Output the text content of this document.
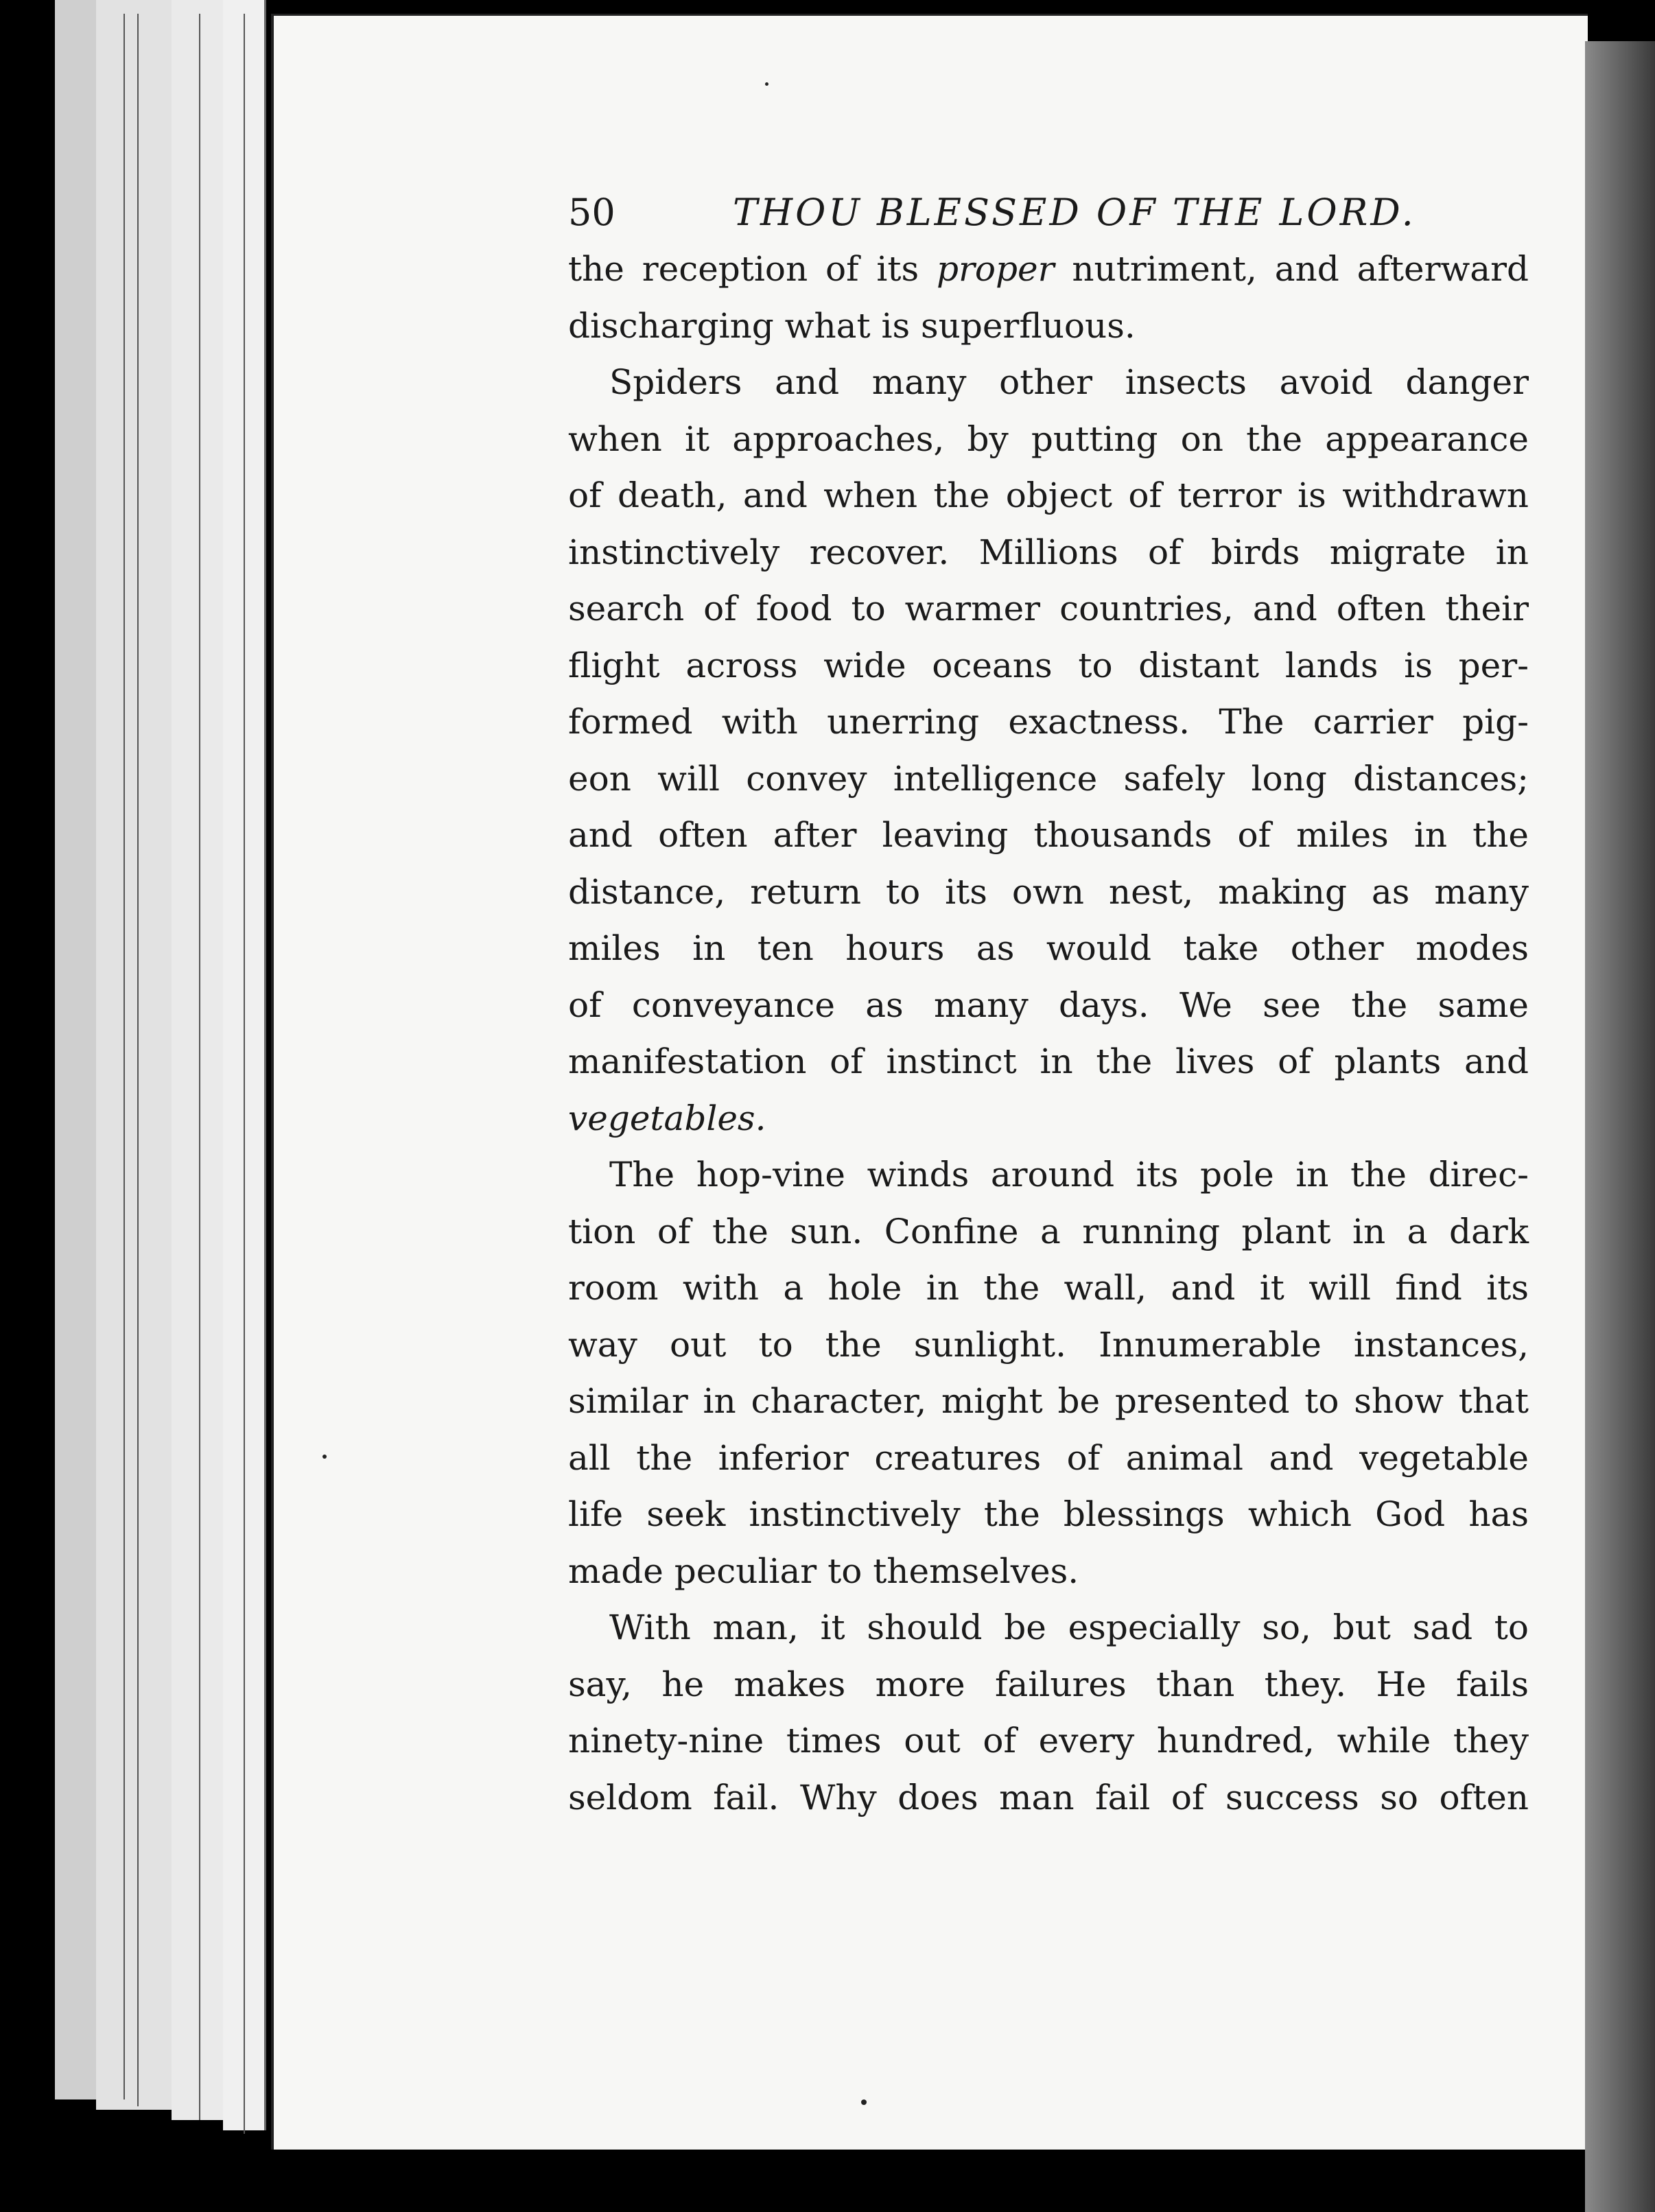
50	THOU BLESSED OF THE LORD.
the reception of its proper nutriment, and afterward
discharging what is superfluous.
Spiders and many other insects avoid danger
when it approaches, by putting on the appearance
of death, and when the object of terror is withdrawn
instinctively recover. Millions of birds migrate in
search of food to warmer countries, and often their
flight across wide oceans to distant lands is per-
formed with unerring exactness. The carrier pig-
eon will convey intelligence safely long distances;
and often after leaving thousands of miles in the
distance, return to its own nest, making as many
miles in ten hours as would take other modes
of conveyance as many days. We see the same
manifestation of instinct in the lives of plants and
vegetables.
The hop-vine winds around its pole in the direc-
tion of the sun. Confine a running plant in a dark
room with a hole in the wall, and it will find its
way out to the sunlight. Innumerable instances,
similar in character, might be presented to show that
all the inferior creatures of animal and vegetable
life seek instinctively the blessings which God has
made peculiar to themselves.
With man, it should be especially so, but sad to
say, he makes more failures than they. He fails
ninety-nine times out of every hundred, while they
seldom fail. Why does man fail of success so often
